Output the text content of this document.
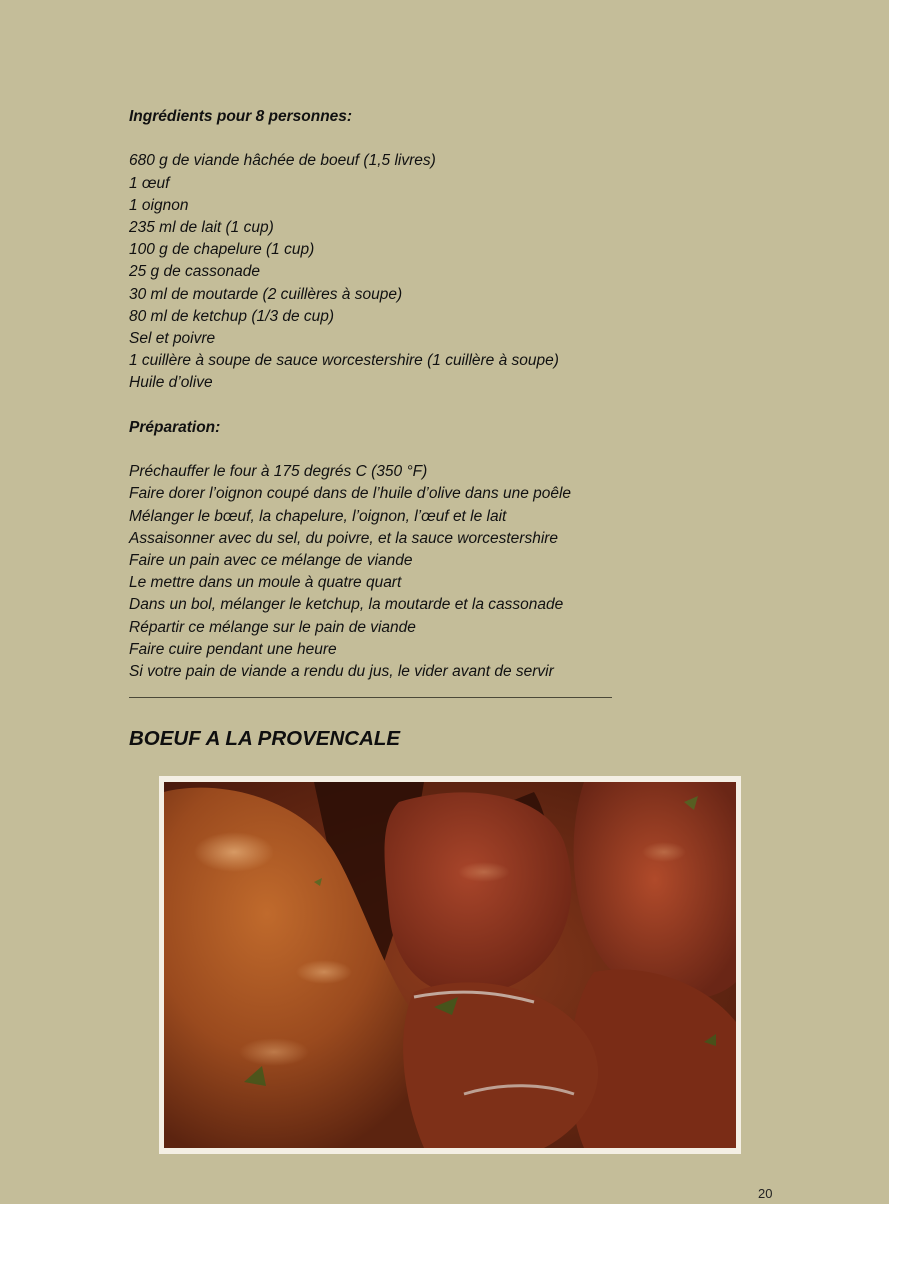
Ingrédients pour 8 personnes:
680 g de viande hâchée de boeuf (1,5 livres)
1 œuf
1 oignon
235 ml de lait (1 cup)
100 g de chapelure (1 cup)
25 g de cassonade
30 ml de moutarde (2 cuillères à soupe)
80 ml de ketchup (1/3 de cup)
Sel et poivre
1 cuillère à soupe de sauce worcestershire (1 cuillère à soupe)
Huile d’olive
Préparation:
Préchauffer le four à 175 degrés C (350 °F)
Faire dorer l’oignon coupé dans de l’huile d’olive dans une poêle
Mélanger le bœuf, la chapelure, l’oignon, l’œuf et le lait
Assaisonner avec du sel, du poivre, et la sauce worcestershire
Faire un pain avec ce mélange de viande
Le mettre dans un moule à quatre quart
Dans un bol, mélanger le ketchup, la moutarde et la cassonade
Répartir ce mélange sur le pain de viande
Faire cuire pendant une heure
Si votre pain de viande a rendu du jus, le vider avant de servir
BOEUF A LA PROVENCALE
20
